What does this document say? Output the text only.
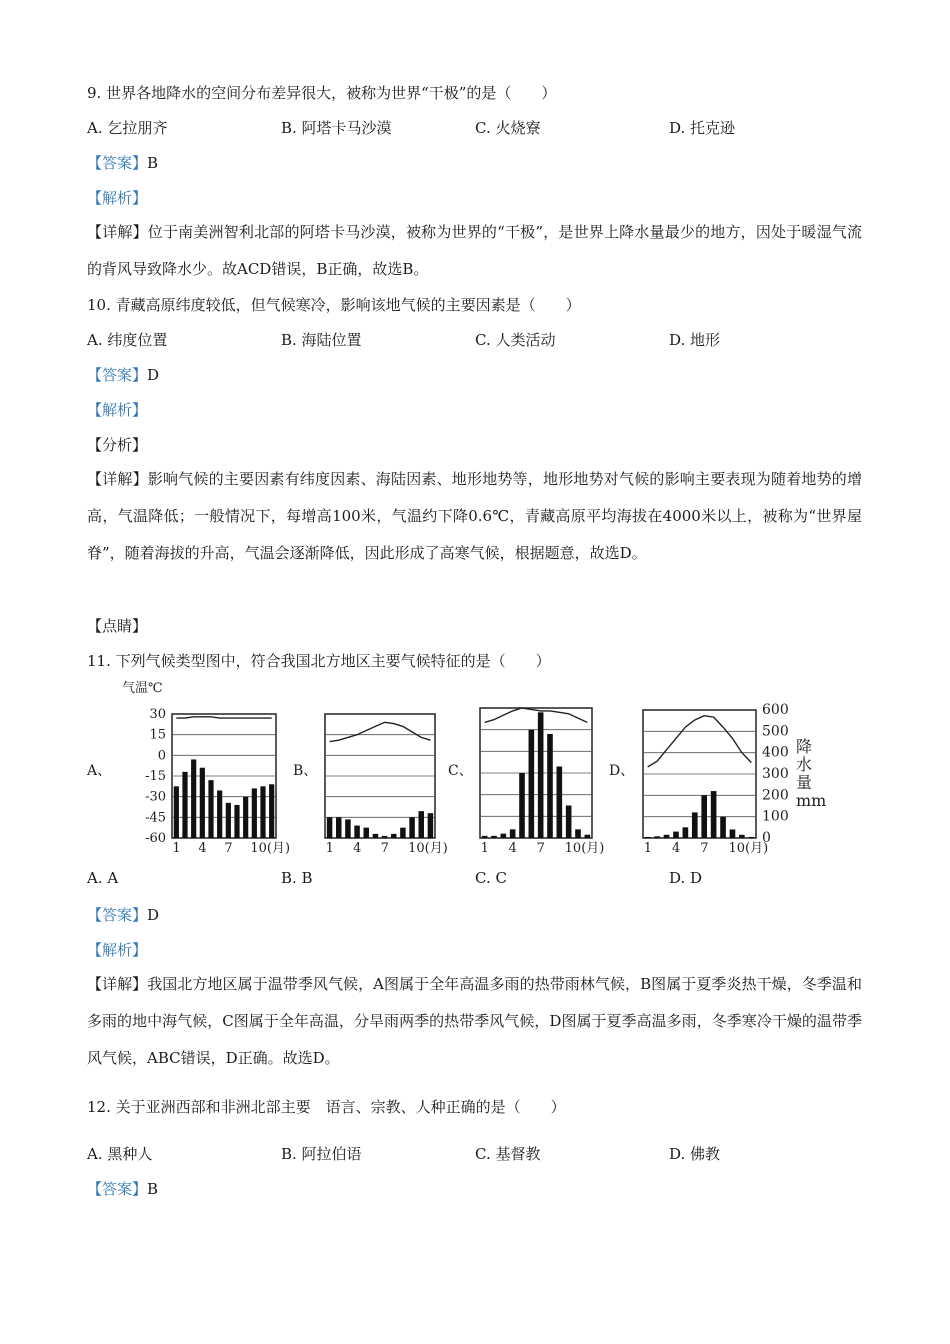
9. 世界各地降水的空间分布差异很大，被称为世界“干极”的是（　　）
A. 乞拉朋齐	B. 阿塔卡马沙漠	C. 火烧寮	D. 托克逊
【答案】B
【解析】
【详解】位于南美洲智利北部的阿塔卡马沙漠，被称为世界的“干极”，是世界上降水量最少的地方，因处于暖湿气流的背风导致降水少。故ACD错误，B正确，故选B。
10. 青藏高原纬度较低，但气候寒冷，影响该地气候的主要因素是（　　）
A. 纬度位置	B. 海陆位置	C. 人类活动	D. 地形
【答案】D
【解析】
【分析】
【详解】影响气候的主要因素有纬度因素、海陆因素、地形地势等，地形地势对气候的影响主要表现为随着地势的增高，气温降低；一般情况下，每增高100米，气温约下降0.6℃，青藏高原平均海拔在4000米以上，被称为“世界屋脊”，随着海拔的升高，气温会逐渐降低，因此形成了高寒气候，根据题意，故选D。
【点睛】
11. 下列气候类型图中，符合我国北方地区主要气候特征的是（　　）
A、	B、	C、	D、
1 4 7 10(月)
30
15
0
-15
-30
-45
-60
气温℃
1 4 7 10(月)	1 4 7 10(月)	1 4 7 10(月)
600
500
400
300
200
100
0
降
水
量
mm
A. A	B. B	C. C	D. D
【答案】D
【解析】
【详解】我国北方地区属于温带季风气候，A图属于全年高温多雨的热带雨林气候，B图属于夏季炎热干燥，冬季温和多雨的地中海气候，C图属于全年高温，分旱雨两季的热带季风气候，D图属于夏季高温多雨，冬季寒冷干燥的温带季风气候，ABC错误，D正确。故选D。
12. 关于亚洲西部和非洲北部主要　语言、宗教、人种正确的是（　　）
A. 黑种人	B. 阿拉伯语	C. 基督教	D. 佛教
【答案】B
